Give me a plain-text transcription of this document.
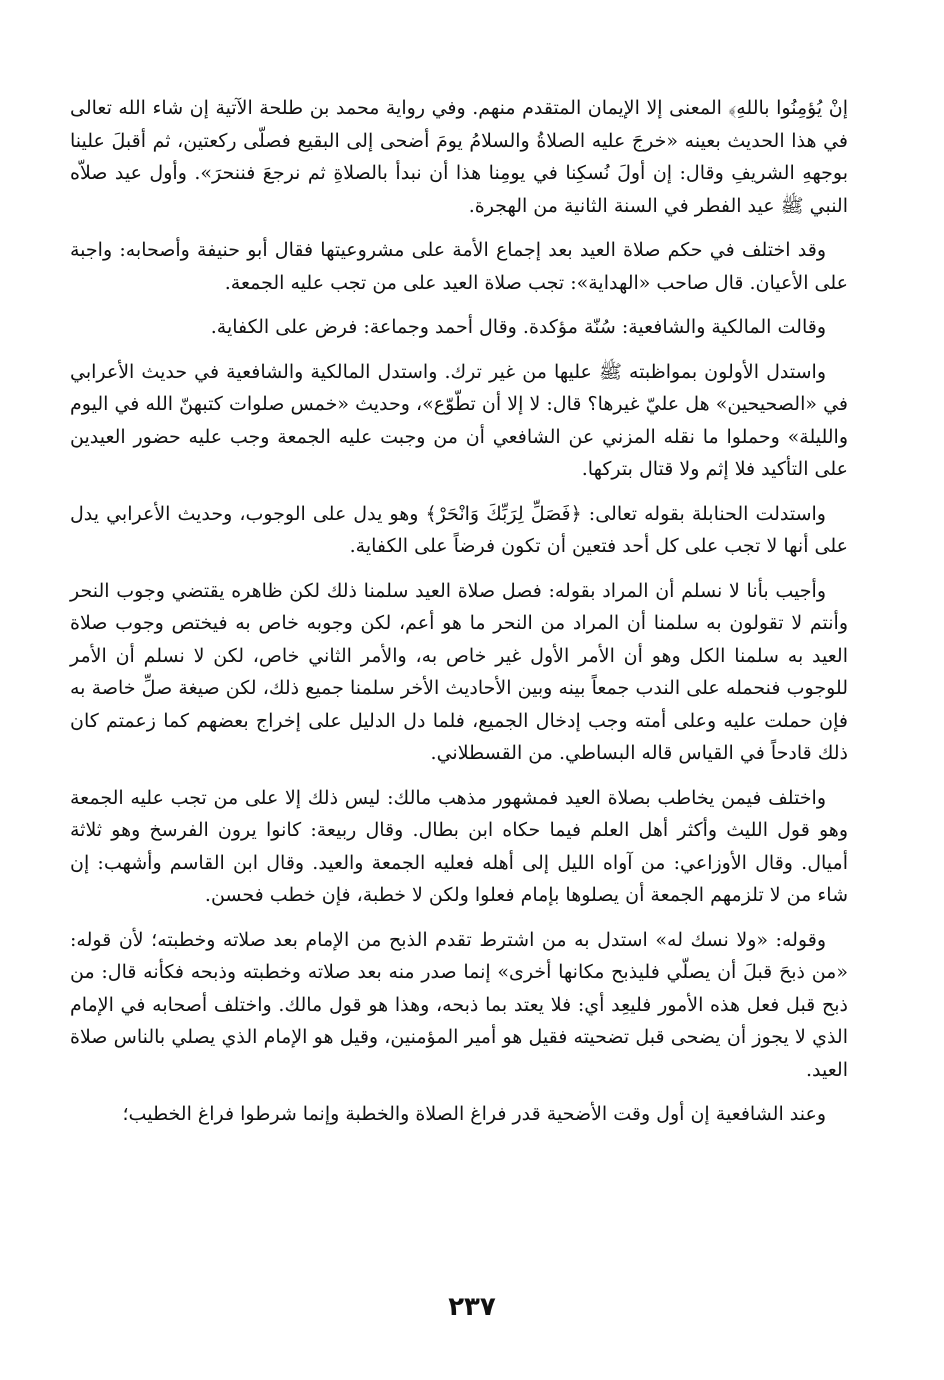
إنْ يُؤمِنُوا باللهِ﴾ المعنى إلا الإيمان المتقدم منهم. وفي رواية محمد بن طلحة الآتية إن شاء الله تعالى في هذا الحديث بعينه «خرجَ عليه الصلاةُ والسلامُ يومَ أضحى إلى البقيع فصلّى ركعتين، ثم أقبلَ علينا بوجههِ الشريفِ وقال: إن أولَ نُسكِنا في يومِنا هذا أن نبدأ بالصلاةِ ثم نرجعَ فننحرَ». وأول عيد صلاّه النبي ﷺ عيد الفطر في السنة الثانية من الهجرة.

وقد اختلف في حكم صلاة العيد بعد إجماع الأمة على مشروعيتها فقال أبو حنيفة وأصحابه: واجبة على الأعيان. قال صاحب «الهداية»: تجب صلاة العيد على من تجب عليه الجمعة.

وقالت المالكية والشافعية: سُنّة مؤكدة. وقال أحمد وجماعة: فرض على الكفاية.

واستدل الأولون بمواظبته ﷺ عليها من غير ترك. واستدل المالكية والشافعية في حديث الأعرابي في «الصحيحين» هل عليّ غيرها؟ قال: لا إلا أن تطّوّع»، وحديث «خمس صلوات كتبهنّ الله في اليوم والليلة» وحملوا ما نقله المزني عن الشافعي أن من وجبت عليه الجمعة وجب عليه حضور العيدين على التأكيد فلا إثم ولا قتال بتركها.

واستدلت الحنابلة بقوله تعالى: ﴿فَصَلِّ لِرَبِّكَ وَانْحَرْ﴾ وهو يدل على الوجوب، وحديث الأعرابي يدل على أنها لا تجب على كل أحد فتعين أن تكون فرضاً على الكفاية.

وأجيب بأنا لا نسلم أن المراد بقوله: فصل صلاة العيد سلمنا ذلك لكن ظاهره يقتضي وجوب النحر وأنتم لا تقولون به سلمنا أن المراد من النحر ما هو أعم، لكن وجوبه خاص به فيختص وجوب صلاة العيد به سلمنا الكل وهو أن الأمر الأول غير خاص به، والأمر الثاني خاص، لكن لا نسلم أن الأمر للوجوب فنحمله على الندب جمعاً بينه وبين الأحاديث الأخر سلمنا جميع ذلك، لكن صيغة صلِّ خاصة به فإن حملت عليه وعلى أمته وجب إدخال الجميع، فلما دل الدليل على إخراج بعضهم كما زعمتم كان ذلك قادحاً في القياس قاله البساطي. من القسطلاني.

واختلف فيمن يخاطب بصلاة العيد فمشهور مذهب مالك: ليس ذلك إلا على من تجب عليه الجمعة وهو قول الليث وأكثر أهل العلم فيما حكاه ابن بطال. وقال ربيعة: كانوا يرون الفرسخ وهو ثلاثة أميال. وقال الأوزاعي: من آواه الليل إلى أهله فعليه الجمعة والعيد. وقال ابن القاسم وأشهب: إن شاء من لا تلزمهم الجمعة أن يصلوها بإمام فعلوا ولكن لا خطبة، فإن خطب فحسن.

وقوله: «ولا نسك له» استدل به من اشترط تقدم الذبح من الإمام بعد صلاته وخطبته؛ لأن قوله: «من ذبحَ قبلَ أن يصلّي فليذبح مكانها أخرى» إنما صدر منه بعد صلاته وخطبته وذبحه فكأنه قال: من ذبح قبل فعل هذه الأمور فليعِد أي: فلا يعتد بما ذبحه، وهذا هو قول مالك. واختلف أصحابه في الإمام الذي لا يجوز أن يضحى قبل تضحيته فقيل هو أمير المؤمنين، وقيل هو الإمام الذي يصلي بالناس صلاة العيد.

وعند الشافعية إن أول وقت الأضحية قدر فراغ الصلاة والخطبة وإنما شرطوا فراغ الخطيب؛

٢٣٧
